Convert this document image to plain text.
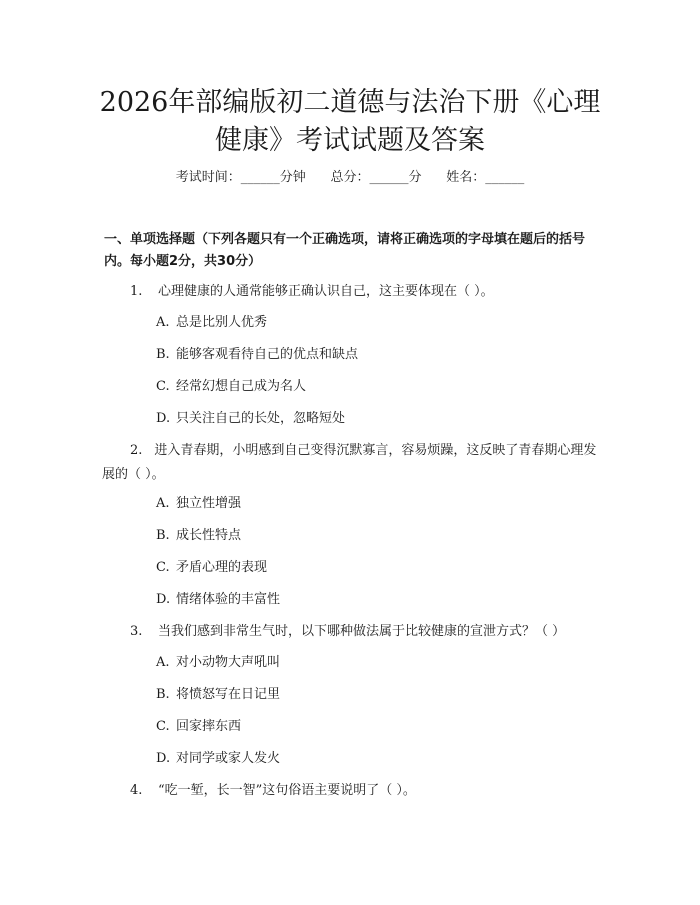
2026年部编版初二道德与法治下册《心理健康》考试试题及答案
考试时间：______分钟      总分：______分      姓名：______
一、单项选择题（下列各题只有一个正确选项，请将正确选项的字母填在题后的括号内。每小题2分，共30分）
1.	心理健康的人通常能够正确认识自己，这主要体现在（ ）。
A. 总是比别人优秀
B. 能够客观看待自己的优点和缺点
C. 经常幻想自己成为名人
D. 只关注自己的长处，忽略短处
2. 进入青春期，小明感到自己变得沉默寡言，容易烦躁，这反映了青春期心理发展的（ ）。
A. 独立性增强
B. 成长性特点
C. 矛盾心理的表现
D. 情绪体验的丰富性
3.	当我们感到非常生气时，以下哪种做法属于比较健康的宣泄方式？（ ）
A. 对小动物大声吼叫
B. 将愤怒写在日记里
C. 回家摔东西
D. 对同学或家人发火
4.	“吃一堑，长一智”这句俗语主要说明了（ ）。
